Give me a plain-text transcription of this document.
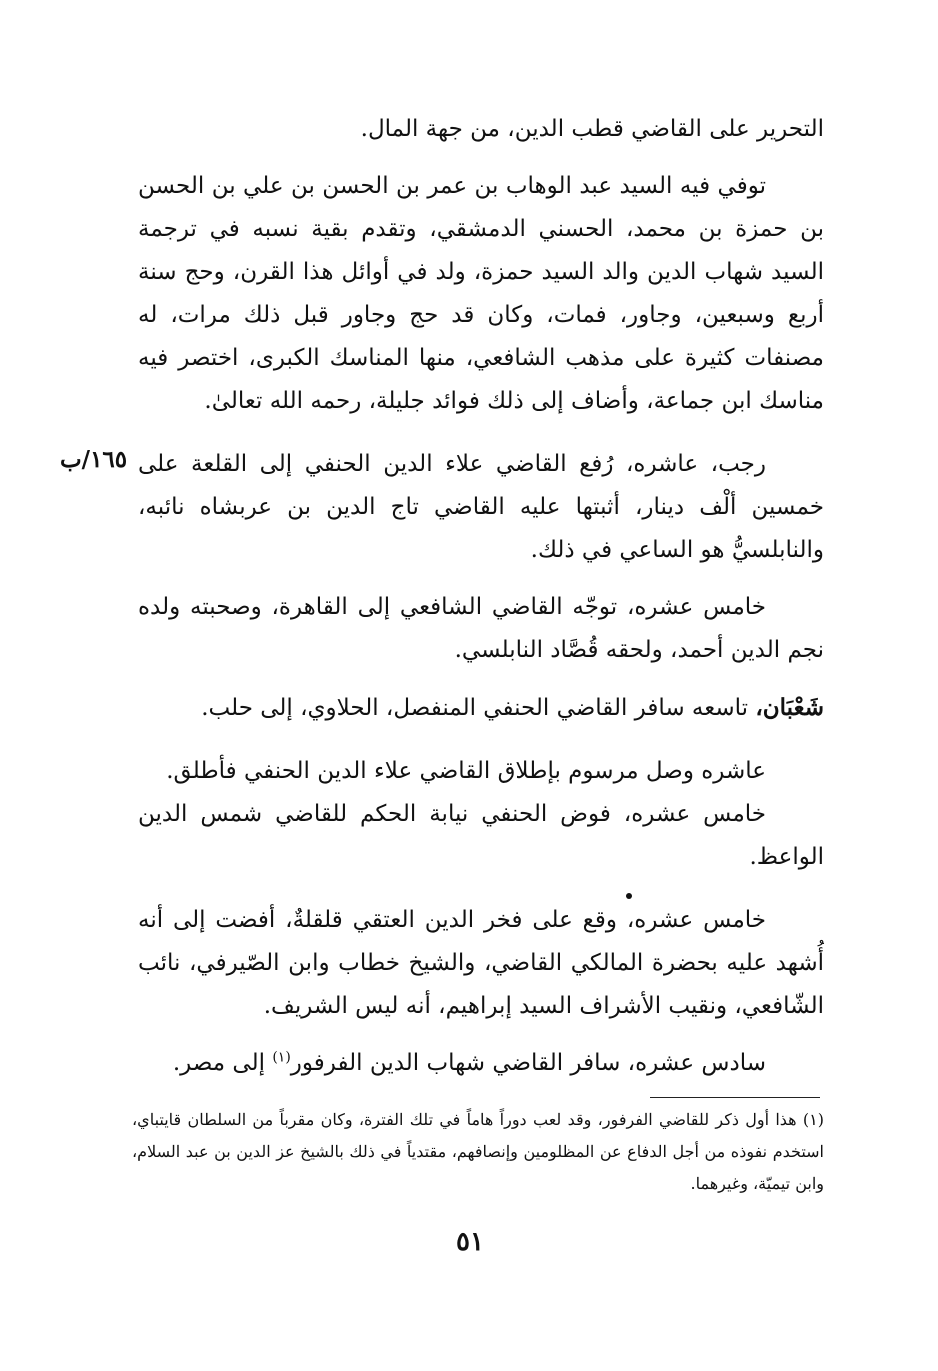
١٦٥/ب

التحرير على القاضي قطب الدين، من جهة المال.

توفي فيه السيد عبد الوهاب بن عمر بن الحسن بن علي بن الحسن بن حمزة بن محمد، الحسني الدمشقي، وتقدم بقية نسبه في ترجمة السيد شهاب الدين والد السيد حمزة، ولد في أوائل هذا القرن، وحج سنة أربع وسبعين، وجاور، فمات، وكان قد حج وجاور قبل ذلك مرات، له مصنفات كثيرة على مذهب الشافعي، منها المناسك الكبرى، اختصر فيه مناسك ابن جماعة، وأضاف إلى ذلك فوائد جليلة، رحمه الله تعالىٰ.

رجب، عاشره، رُفع القاضي علاء الدين الحنفي إلى القلعة على خمسين ألْف دينار، أثبتها عليه القاضي تاج الدين بن عربشاه نائبه، والنابلسيُّ هو الساعي في ذلك.

خامس عشره، توجّه القاضي الشافعي إلى القاهرة، وصحبته ولده نجم الدين أحمد، ولحقه قُصَّاد النابلسي.

شَعْبَان، تاسعه سافر القاضي الحنفي المنفصل، الحلاوي، إلى حلب.

عاشره وصل مرسوم بإطلاق القاضي علاء الدين الحنفي فأطلق.

خامس عشره، فوض الحنفي نيابة الحكم للقاضي شمس الدين الواعظ.

خامس عشره، وقع على فخر الدين العتقي قلقلةٌ، أفضت إلى أنه أُشهد عليه بحضرة المالكي القاضي، والشيخ خطاب وابن الصّيرفي، نائب الشّافعي، ونقيب الأشراف السيد إبراهيم، أنه ليس الشريف.

سادس عشره، سافر القاضي شهاب الدين الفرفور$^{(١)}$ إلى مصر.

(١) هذا أول ذكر للقاضي الفرفور، وقد لعب دوراً هاماً في تلك الفترة، وكان مقرباً من السلطان قايتباي، استخدم نفوذه من أجل الدفاع عن المظلومين وإنصافهم، مقتدياً في ذلك بالشيخ عز الدين بن عبد السلام، وابن تيميّة، وغيرهما.
٥١
